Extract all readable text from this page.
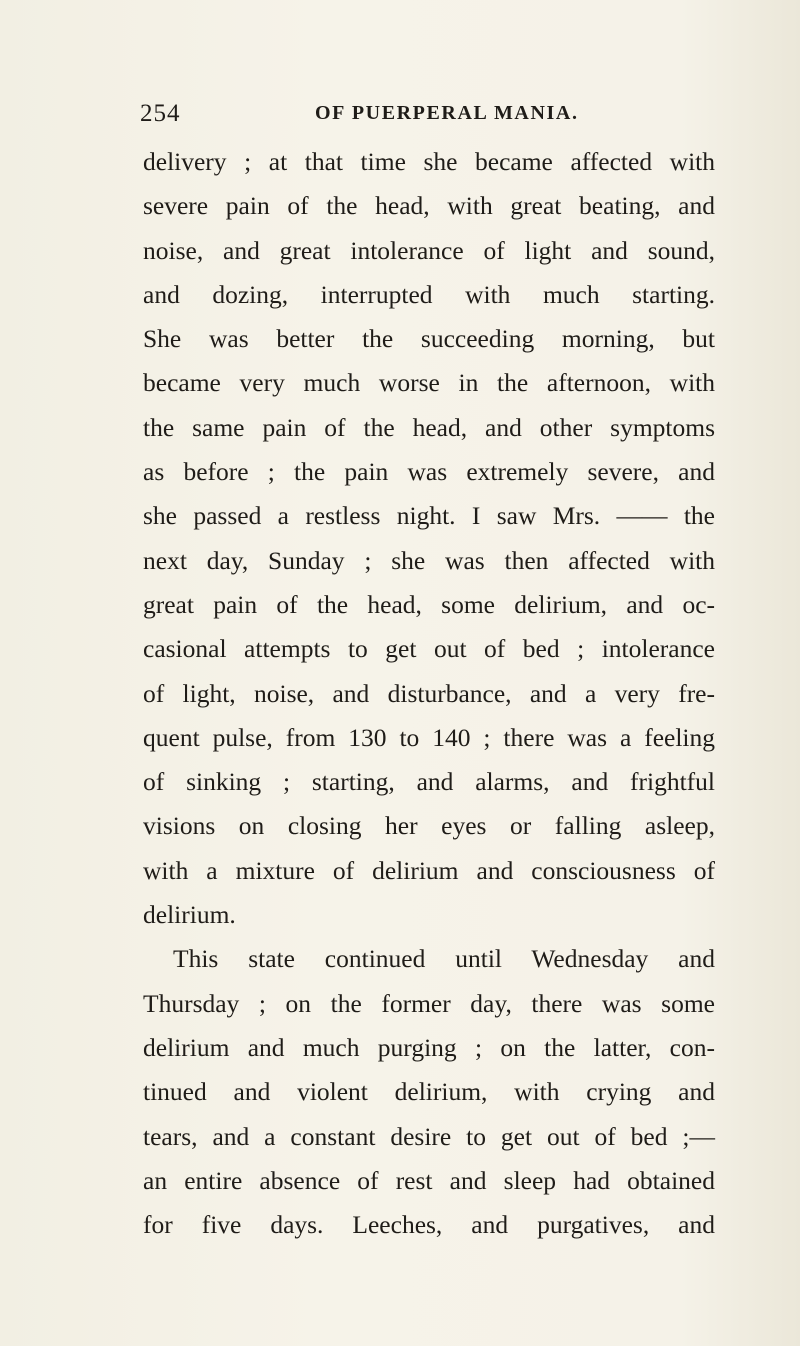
254	OF PUERPERAL MANIA.
delivery ; at that time she became affected with
severe pain of the head, with great beating, and
noise, and great intolerance of light and sound,
and dozing, interrupted with much starting.
She was better the succeeding morning, but
became very much worse in the afternoon, with
the same pain of the head, and other symptoms
as before ; the pain was extremely severe, and
she passed a restless night. I saw Mrs. —— the
next day, Sunday ; she was then affected with
great pain of the head, some delirium, and oc-
casional attempts to get out of bed ; intolerance
of light, noise, and disturbance, and a very fre-
quent pulse, from 130 to 140 ; there was a feeling
of sinking ; starting, and alarms, and frightful
visions on closing her eyes or falling asleep,
with a mixture of delirium and consciousness of
delirium.
This state continued until Wednesday and
Thursday ; on the former day, there was some
delirium and much purging ; on the latter, con-
tinued and violent delirium, with crying and
tears, and a constant desire to get out of bed ;—
an entire absence of rest and sleep had obtained
for five days. Leeches, and purgatives, and
